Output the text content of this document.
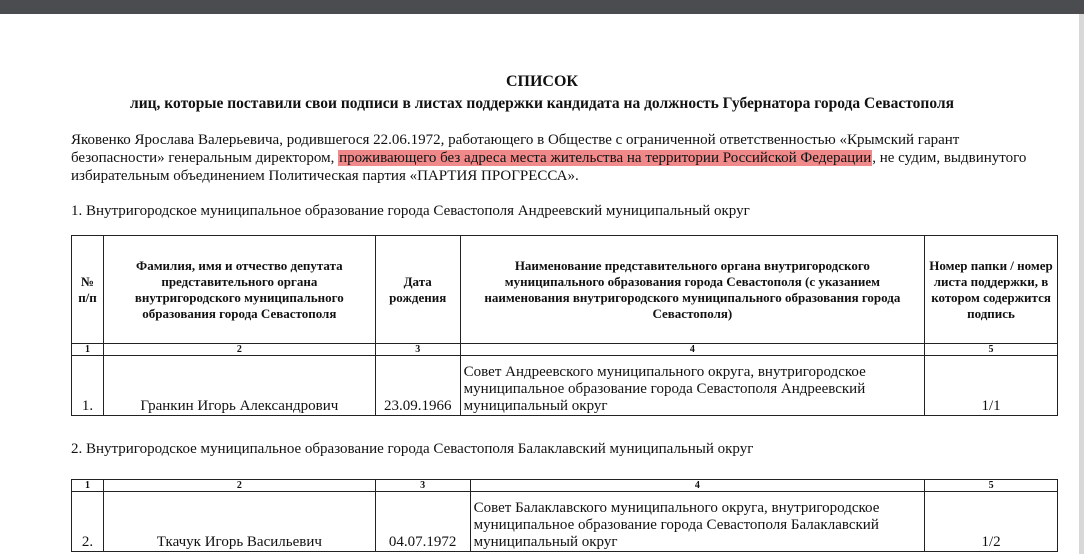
СПИСОК
лиц, которые поставили свои подписи в листах поддержки кандидата на должность Губернатора города Севастополя
Яковенко Ярослава Валерьевича, родившегося 22.06.1972, работающего в Обществе с ограниченной ответственностью «Крымский гарант безопасности» генеральным директором, проживающего без адреса места жительства на территории Российской Федерации, не судим, выдвинутого избирательным объединением Политическая партия «ПАРТИЯ ПРОГРЕССА».
1. Внутригородское муниципальное образование города Севастополя Андреевский муниципальный округ
№ п/п	Фамилия, имя и отчество депутата представительного органа внутригородского муниципального образования города Севастополя	Дата рождения	Наименование представительного органа внутригородского муниципального образования города Севастополя (с указанием наименования внутригородского муниципального образования города Севастополя)	Номер папки / номер листа поддержки, в котором содержится подпись
1	2	3	4	5
1.	Гранкин Игорь Александрович	23.09.1966	Совет Андреевского муниципального округа, внутригородское муниципальное образование города Севастополя Андреевский муниципальный округ	1/1
2. Внутригородское муниципальное образование города Севастополя Балаклавский муниципальный округ
1	2	3	4	5
2.	Ткачук Игорь Васильевич	04.07.1972	Совет Балаклавского муниципального округа, внутригородское муниципальное образование города Севастополя Балаклавский муниципальный округ	1/2
